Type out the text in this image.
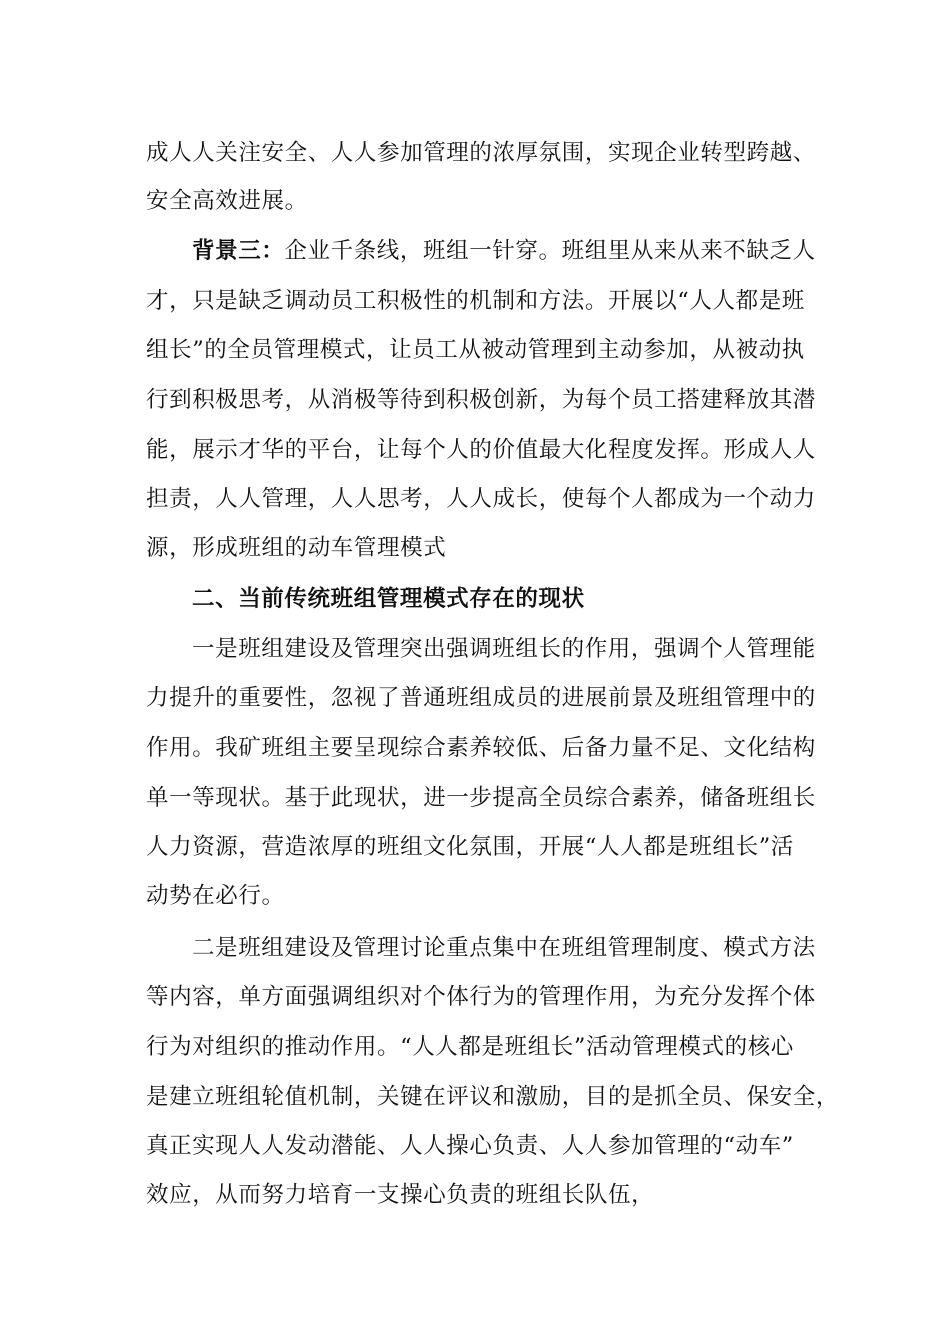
成人人关注安全、人人参加管理的浓厚氛围，实现企业转型跨越、
安全高效进展。
背景三：企业千条线，班组一针穿。班组里从来从来不缺乏人
才，只是缺乏调动员工积极性的机制和方法。开展以“人人都是班
组长”的全员管理模式，让员工从被动管理到主动参加，从被动执
行到积极思考，从消极等待到积极创新，为每个员工搭建释放其潜
能，展示才华的平台，让每个人的价值最大化程度发挥。形成人人
担责，人人管理，人人思考，人人成长，使每个人都成为一个动力
源，形成班组的动车管理模式
二、当前传统班组管理模式存在的现状
一是班组建设及管理突出强调班组长的作用，强调个人管理能
力提升的重要性，忽视了普通班组成员的进展前景及班组管理中的
作用。我矿班组主要呈现综合素养较低、后备力量不足、文化结构
单一等现状。基于此现状，进一步提高全员综合素养，储备班组长
人力资源，营造浓厚的班组文化氛围，开展“人人都是班组长”活
动势在必行。
二是班组建设及管理讨论重点集中在班组管理制度、模式方法
等内容，单方面强调组织对个体行为的管理作用，为充分发挥个体
行为对组织的推动作用。“人人都是班组长”活动管理模式的核心
是建立班组轮值机制，关键在评议和激励，目的是抓全员、保安全，
真正实现人人发动潜能、人人操心负责、人人参加管理的“动车”
效应，从而努力培育一支操心负责的班组长队伍，
